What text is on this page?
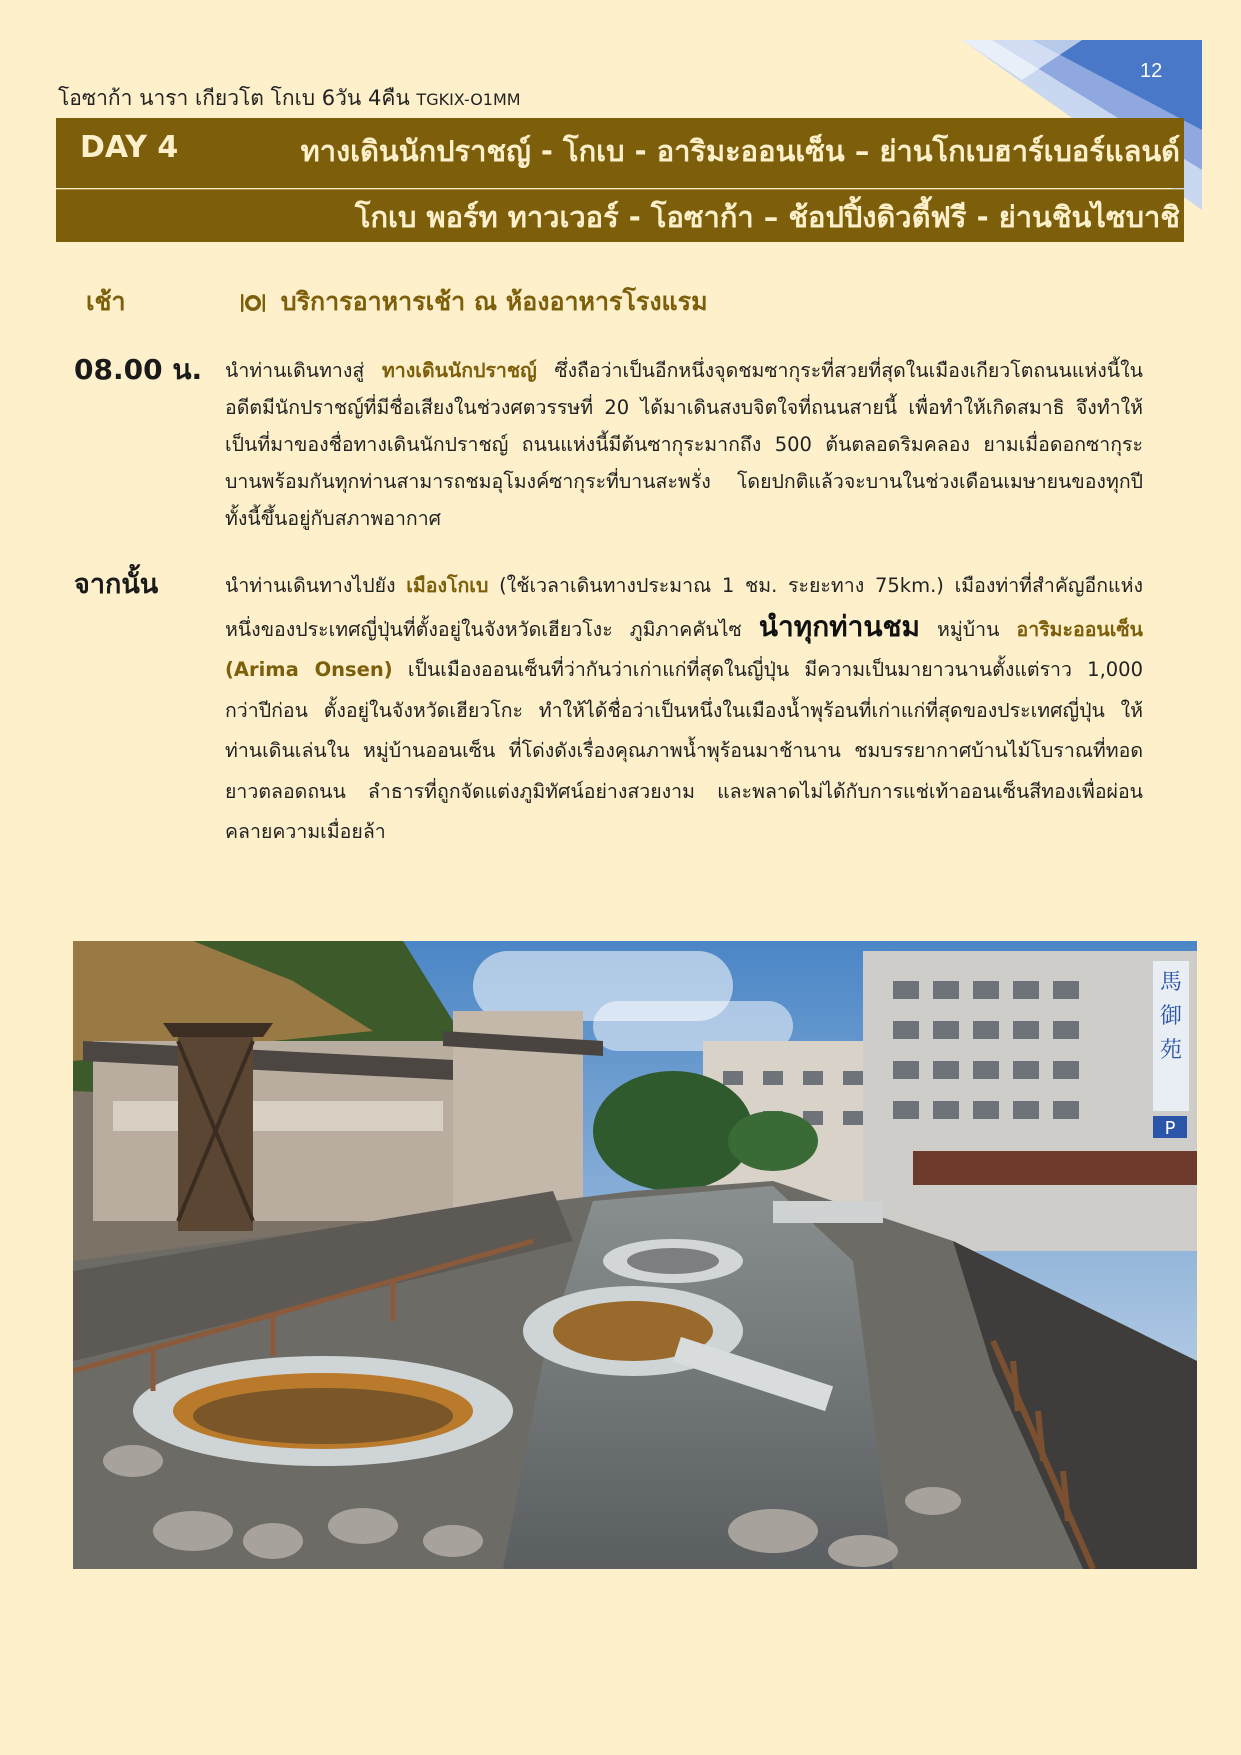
12
โอซาก้า นารา เกียวโต โกเบ 6วัน 4คืน TGKIX-O1MM
DAY 4	ทางเดินนักปราชญ์ - โกเบ - อาริมะออนเซ็น – ย่านโกเบฮาร์เบอร์แลนด์
โกเบ พอร์ท ทาวเวอร์ - โอซาก้า – ช้อปปิ้งดิวตี้ฟรี - ย่านชินไซบาชิ
เช้า	บริการอาหารเช้า ณ ห้องอาหารโรงแรม
08.00 น. นำท่านเดินทางสู่ ทางเดินนักปราชญ์ ซึ่งถือว่าเป็นอีกหนึ่งจุดชมซากุระที่สวยที่สุดในเมืองเกียวโตถนนแห่งนี้ในอดีตมีนักปราชญ์ที่มีชื่อเสียงในช่วงศตวรรษที่ 20 ได้มาเดินสงบจิตใจที่ถนนสายนี้ เพื่อทำให้เกิดสมาธิ จึงทำให้เป็นที่มาของชื่อทางเดินนักปราชญ์ ถนนแห่งนี้มีต้นซากุระมากถึง 500 ต้นตลอดริมคลอง ยามเมื่อดอกซากุระบานพร้อมกันทุกท่านสามารถชมอุโมงค์ซากุระที่บานสะพรั่ง โดยปกติแล้วจะบานในช่วงเดือนเมษายนของทุกปี ทั้งนี้ขึ้นอยู่กับสภาพอากาศ
จากนั้น	นำท่านเดินทางไปยัง เมืองโกเบ (ใช้เวลาเดินทางประมาณ 1 ชม. ระยะทาง 75km.) เมืองท่าที่สำคัญอีกแห่งหนึ่งของประเทศญี่ปุ่นที่ตั้งอยู่ในจังหวัดเฮียวโงะ ภูมิภาคคันไซ นำทุกท่านชม หมู่บ้าน อาริมะออนเซ็น (Arima Onsen) เป็นเมืองออนเซ็นที่ว่ากันว่าเก่าแก่ที่สุดในญี่ปุ่น มีความเป็นมายาวนานตั้งแต่ราว 1,000 กว่าปีก่อน ตั้งอยู่ในจังหวัดเฮียวโกะ ทำให้ได้ชื่อว่าเป็นหนึ่งในเมืองน้ำพุร้อนที่เก่าแก่ที่สุดของประเทศญี่ปุ่น ให้ท่านเดินเล่นใน หมู่บ้านออนเซ็น ที่โด่งดังเรื่องคุณภาพน้ำพุร้อนมาช้านาน ชมบรรยากาศบ้านไม้โบราณที่ทอดยาวตลอดถนน ลำธารที่ถูกจัดแต่งภูมิทัศน์อย่างสวยงาม และพลาดไม่ได้กับการแช่เท้าออนเซ็นสีทองเพื่อผ่อนคลายความเมื่อยล้า
馬
御
苑
P
